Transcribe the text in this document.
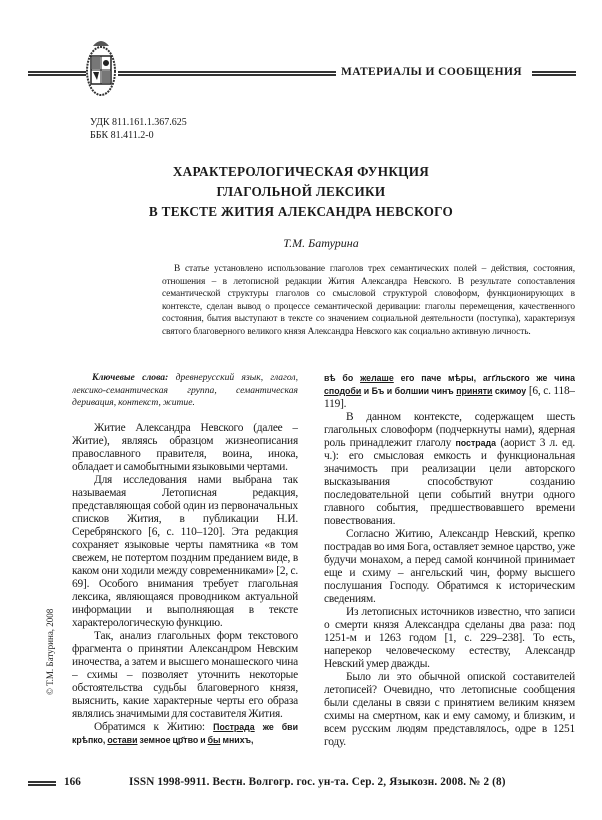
МАТЕРИАЛЫ И СООБЩЕНИЯ
УДК 811.161.1.367.625
ББК 81.411.2-0
ХАРАКТЕРОЛОГИЧЕСКАЯ ФУНКЦИЯ
ГЛАГОЛЬНОЙ ЛЕКСИКИ
В ТЕКСТЕ ЖИТИЯ АЛЕКСАНДРА НЕВСКОГО
Т.М. Батурина
В статье установлено использование глаголов трех семантических полей – действия, состояния, отношения – в летописной редакции Жития Александра Невского. В результате сопоставления семантической структуры глаголов со смысловой структурой словоформ, функционирующих в контексте, сделан вывод о процессе семантической деривации: глаголы перемещения, качественного состояния, бытия выступают в тексте со значением социальной деятельности (поступка), характеризуя святого благоверного великого князя Александра Невского как социально активную личность.
Ключевые слова: древнерусский язык, глагол, лексико-семантическая группа, семантическая деривация, контекст, житие.

Житие Александра Невского (далее – Житие), являясь образцом жизнеописания православного правителя, воина, инока, обладает и самобытными языковыми чертами.

Для исследования нами выбрана так называемая Летописная редакция, представляющая собой один из первоначальных списков Жития, в публикации Н.И. Серебрянского [6, с. 110–120]. Эта редакция сохраняет языковые черты памятника «в том свежем, не потертом поздним преданием виде, в каком они ходили между современниками» [2, с. 69]. Особого внимания требует глагольная лексика, являющаяся проводником актуальной информации и выполняющая в тексте характерологическую функцию.

Так, анализ глагольных форм текстового фрагмента о принятии Александром Невским иночества, а затем и высшего монашеского чина – схимы – позволяет уточнить некоторые обстоятельства судьбы благоверного князя, выяснить, какие характерные черты его образа являлись значимыми для составителя Жития.

Обратимся к Житию: Пострада же бви крѣпко, остави земное цр҃тво и бы мнихъ,

вѣ бо желаше его паче мѣры, агг҃льского же чина сподоби и Бъ и болшии чинъ приняти скимоу [6, с. 118–119].

В данном контексте, содержащем шесть глагольных словоформ (подчеркнуты нами), ядерная роль принадлежит глаголу пострада (аорист 3 л. ед. ч.): его смысловая емкость и функциональная значимость при реализации цели авторского высказывания способствуют созданию последовательной цепи событий внутри одного главного события, предшествовавшего времени повествования.

Согласно Житию, Александр Невский, крепко пострадав во имя Бога, оставляет земное царство, уже будучи монахом, а перед самой кончиной принимает еще и схиму – ангельский чин, форму высшего послушания Господу. Обратимся к историческим сведениям.

Из летописных источников известно, что записи о смерти князя Александра сделаны два раза: под 1251-м и 1263 годом [1, с. 229–238]. То есть, наперекор человеческому естеству, Александр Невский умер дважды.

Было ли это обычной опиской составителей летописей? Очевидно, что летописные сообщения были сделаны в связи с принятием великим князем схимы на смертном, как и ему самому, и близким, и всем русским людям представлялось, одре в 1251 году.

© Т.М. Батурина, 2008
166	ISSN 1998-9911. Вестн. Волгогр. гос. ун-та. Сер. 2, Языкозн. 2008. № 2 (8)
